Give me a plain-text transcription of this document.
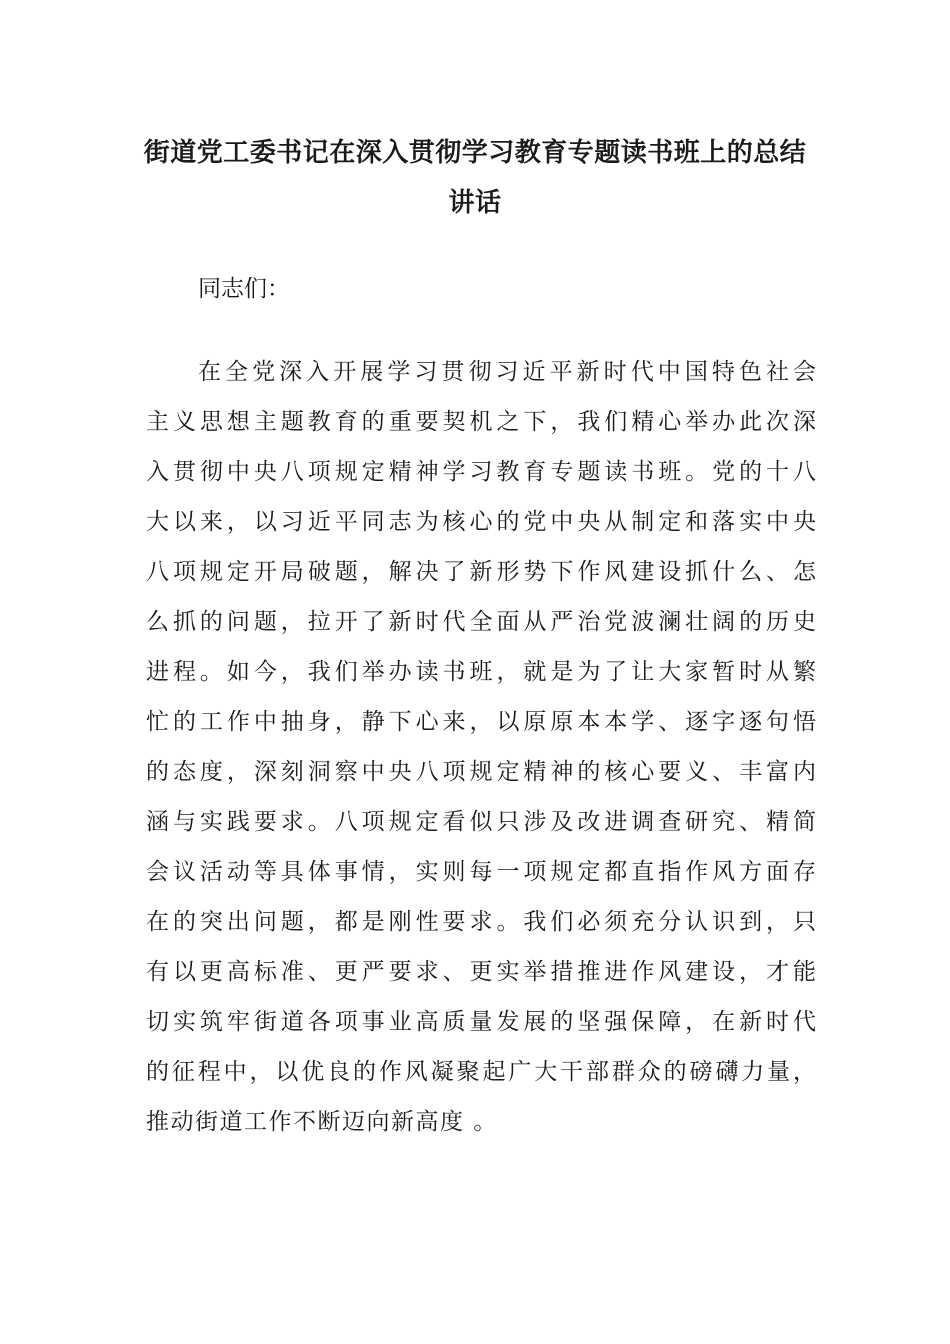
街道党工委书记在深入贯彻学习教育专题读书班上的总结
讲话
同志们：
在全党深入开展学习贯彻习近平新时代中国特色社会
主义思想主题教育的重要契机之下，我们精心举办此次深
入贯彻中央八项规定精神学习教育专题读书班。党的十八
大以来，以习近平同志为核心的党中央从制定和落实中央
八项规定开局破题，解决了新形势下作风建设抓什么、怎
么抓的问题，拉开了新时代全面从严治党波澜壮阔的历史
进程。如今，我们举办读书班，就是为了让大家暂时从繁
忙的工作中抽身，静下心来，以原原本本学、逐字逐句悟
的态度，深刻洞察中央八项规定精神的核心要义、丰富内
涵与实践要求。八项规定看似只涉及改进调查研究、精简
会议活动等具体事情，实则每一项规定都直指作风方面存
在的突出问题，都是刚性要求。我们必须充分认识到，只
有以更高标准、更严要求、更实举措推进作风建设，才能
切实筑牢街道各项事业高质量发展的坚强保障，在新时代
的征程中，以优良的作风凝聚起广大干部群众的磅礴力量，
推动街道工作不断迈向新高度 。
